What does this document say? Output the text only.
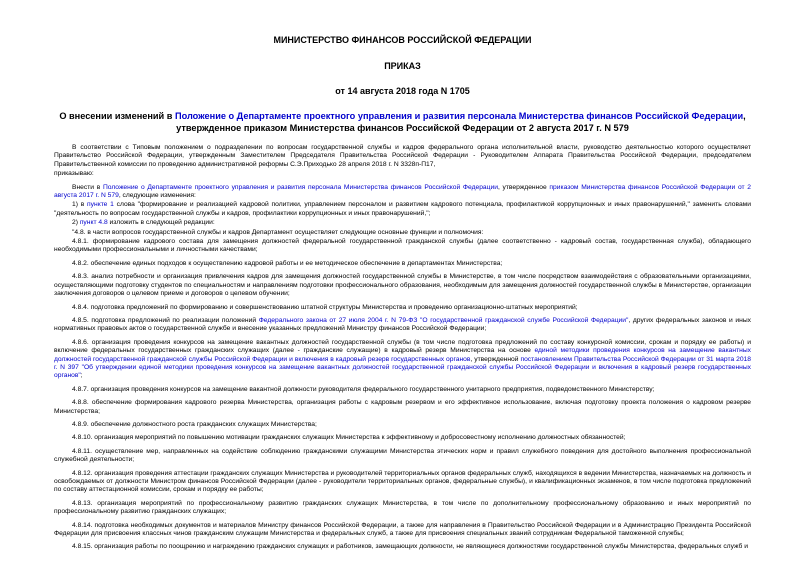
МИНИСТЕРСТВО ФИНАНСОВ РОССИЙСКОЙ ФЕДЕРАЦИИ
ПРИКАЗ
от 14 августа 2018 года N 1705
О внесении изменений в Положение о Департаменте проектного управления и развития персонала Министерства финансов Российской Федерации, утвержденное приказом Министерства финансов Российской Федерации от 2 августа 2017 г. N 579

В соответствии с Типовым положением о подразделении по вопросам государственной службы и кадров федерального органа исполнительной власти, руководство деятельностью которого осуществляет Правительство Российской Федерации, утвержденным Заместителем Председателя Правительства Российской Федерации - Руководителем Аппарата Правительства Российской Федерации, председателем Правительственной комиссии по проведению административной реформы С.Э.Приходько 28 апреля 2018 г. N 3328п-П17,

приказываю:

Внести в Положение о Департаменте проектного управления и развития персонала Министерства финансов Российской Федерации, утвержденное приказом Министерства финансов Российской Федерации от 2 августа 2017 г. N 579, следующие изменения:

1) в пункте 1 слова "формирование и реализацией кадровой политики, управлением персоналом и развитием кадрового потенциала, профилактикой коррупционных и иных правонарушений," заменить словами "деятельность по вопросам государственной службы и кадров, профилактики коррупционных и иных правонарушений,";

2) пункт 4.8 изложить в следующей редакции:

"4.8. в части вопросов государственной службы и кадров Департамент осуществляет следующие основные функции и полномочия:

4.8.1. формирование кадрового состава для замещения должностей федеральной государственной гражданской службы (далее соответственно - кадровый состав, государственная служба), обладающего необходимыми профессиональными и личностными качествами;

4.8.2. обеспечение единых подходов к осуществлению кадровой работы и ее методическое обеспечение в департаментах Министерства;

4.8.3. анализ потребности и организация привлечения кадров для замещения должностей государственной службы в Министерстве, в том числе посредством взаимодействия с образовательными организациями, осуществляющими подготовку студентов по специальностям и направлениям подготовки профессионального образования, необходимым для замещения должностей государственной службы в Министерстве, организации заключения договоров о целевом приеме и договоров о целевом обучении;

4.8.4. подготовка предложений по формированию и совершенствованию штатной структуры Министерства и проведению организационно-штатных мероприятий;

4.8.5. подготовка предложений по реализации положений Федерального закона от 27 июля 2004 г. N 79-ФЗ "О государственной гражданской службе Российской Федерации", других федеральных законов и иных нормативных правовых актов о государственной службе и внесение указанных предложений Министру финансов Российской Федерации;

4.8.6. организация проведения конкурсов на замещение вакантных должностей государственной службы (в том числе подготовка предложений по составу конкурсной комиссии, срокам и порядку ее работы) и включение федеральных государственных гражданских служащих (далее - гражданские служащие) в кадровый резерв Министерства на основе единой методики проведения конкурсов на замещение вакантных должностей государственной гражданской службы Российской Федерации и включения в кадровый резерв государственных органов, утвержденной постановлением Правительства Российской Федерации от 31 марта 2018 г. N 397 "Об утверждении единой методики проведения конкурсов на замещение вакантных должностей государственной гражданской службы Российской Федерации и включения в кадровый резерв государственных органов";

4.8.7. организация проведения конкурсов на замещение вакантной должности руководителя федерального государственного унитарного предприятия, подведомственного Министерству;

4.8.8. обеспечение формирования кадрового резерва Министерства, организация работы с кадровым резервом и его эффективное использование, включая подготовку проекта положения о кадровом резерве Министерства;

4.8.9. обеспечение должностного роста гражданских служащих Министерства;

4.8.10. организация мероприятий по повышению мотивации гражданских служащих Министерства к эффективному и добросовестному исполнению должностных обязанностей;

4.8.11. осуществление мер, направленных на содействие соблюдению гражданскими служащими Министерства этических норм и правил служебного поведения для достойного выполнения профессиональной служебной деятельности;

4.8.12. организация проведения аттестации гражданских служащих Министерства и руководителей территориальных органов федеральных служб, находящихся в ведении Министерства, назначаемых на должность и освобождаемых от должности Министром финансов Российской Федерации (далее - руководители территориальных органов, федеральные службы), и квалификационных экзаменов, в том числе подготовка предложений по составу аттестационной комиссии, срокам и порядку ее работы;

4.8.13. организация мероприятий по профессиональному развитию гражданских служащих Министерства, в том числе по дополнительному профессиональному образованию и иных мероприятий по профессиональному развитию гражданских служащих;

4.8.14. подготовка необходимых документов и материалов Министру финансов Российской Федерации, а также для направления в Правительство Российской Федерации и в Администрацию Президента Российской Федерации для присвоения классных чинов гражданским служащим Министерства и федеральных служб, а также для присвоения специальных званий сотрудникам Федеральной таможенной службы;

4.8.15. организация работы по поощрению и награждению гражданских служащих и работников, замещающих должности, не являющиеся должностями государственной службы Министерства, федеральных служб и
